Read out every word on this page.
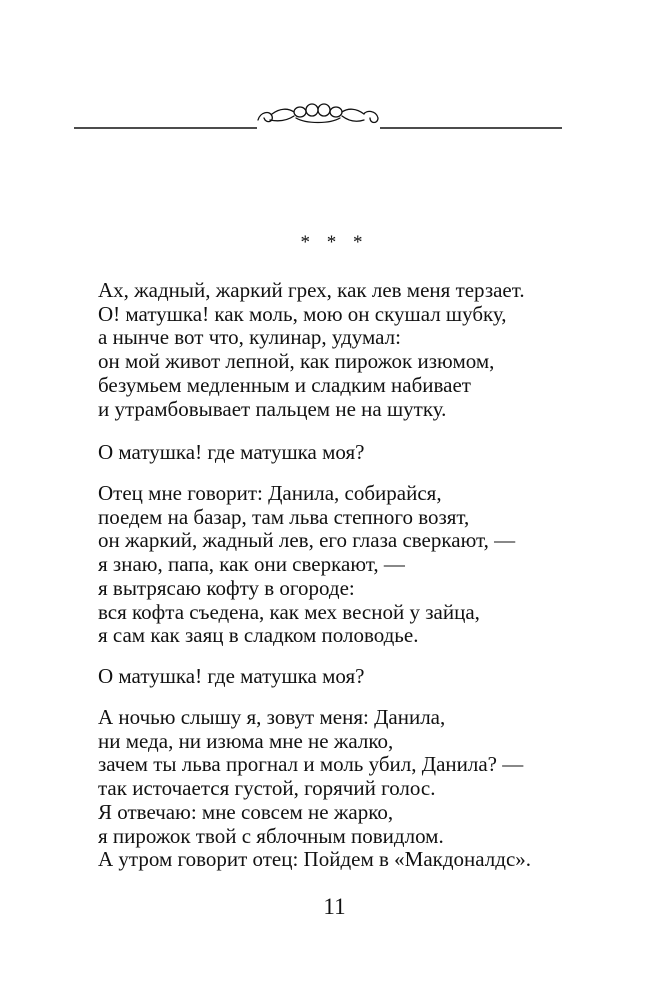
* * *
Ах, жадный, жаркий грех, как лев меня терзает.
О! матушка! как моль, мою он скушал шубку,
а нынче вот что, кулинар, удумал:
он мой живот лепной, как пирожок изюмом,
безумьем медленным и сладким набивает
и утрамбовывает пальцем не на шутку.
О матушка! где матушка моя?
Отец мне говорит: Данила, собирайся,
поедем на базар, там льва степного возят,
он жаркий, жадный лев, его глаза сверкают, —
я знаю, папа, как они сверкают, —
я вытрясаю кофту в огороде:
вся кофта съедена, как мех весной у зайца,
я сам как заяц в сладком половодье.
О матушка! где матушка моя?
А ночью слышу я, зовут меня: Данила,
ни меда, ни изюма мне не жалко,
зачем ты льва прогнал и моль убил, Данила? —
так источается густой, горячий голос.
Я отвечаю: мне совсем не жарко,
я пирожок твой с яблочным повидлом.
А утром говорит отец: Пойдем в «Макдоналдс».
11
